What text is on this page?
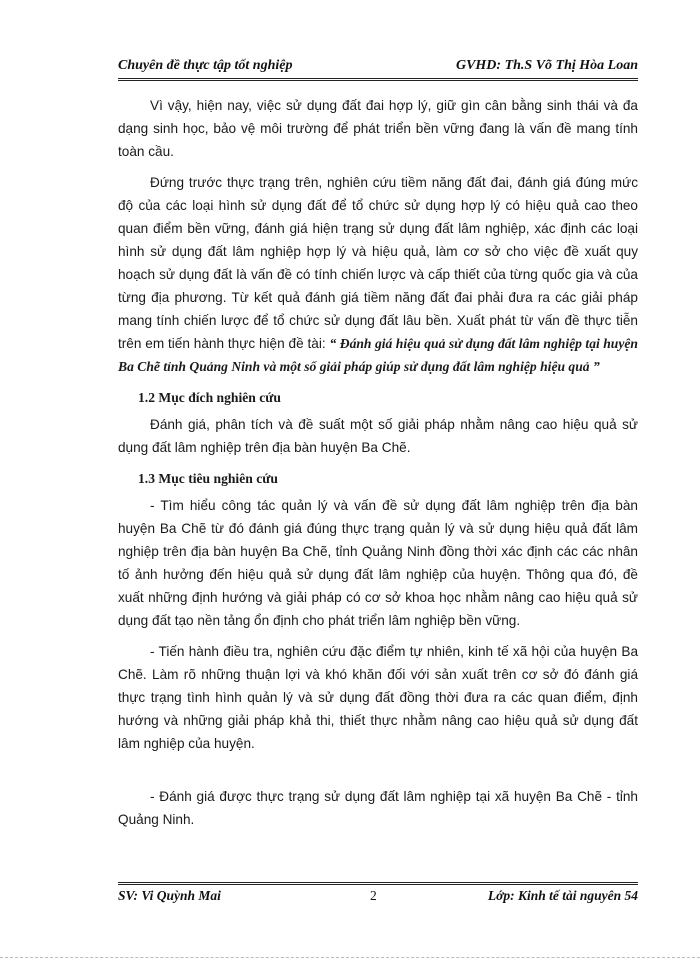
Chuyên đề thực tập tốt nghiệp	GVHD: Th.S Võ Thị Hòa Loan

Vì vậy, hiện nay, việc sử dụng đất đai hợp lý, giữ gìn cân bằng sinh thái và đa dạng sinh học, bảo vệ môi trường để phát triển bền vững đang là vấn đề mang tính toàn cầu.

Đứng trước thực trạng trên, nghiên cứu tiềm năng đất đai, đánh giá đúng mức độ của các loại hình sử dụng đất để tổ chức sử dụng hợp lý có hiệu quả cao theo quan điểm bền vững, đánh giá hiện trạng sử dụng đất lâm nghiệp, xác định các loại hình sử dụng đất lâm nghiệp hợp lý và hiệu quả, làm cơ sở cho việc đề xuất quy hoạch sử dụng đất là vấn đề có tính chiến lược và cấp thiết của từng quốc gia và của từng địa phương. Từ kết quả đánh giá tiềm năng đất đai phải đưa ra các giải pháp mang tính chiến lược để tổ chức sử dụng đất lâu bền. Xuất phát từ vấn đề thực tiễn trên em tiến hành thực hiện đề tài: “ Đánh giá hiệu quả sử dụng đất lâm nghiệp tại huyện Ba Chẽ tỉnh Quảng Ninh và một số giải pháp giúp sử dụng đất lâm nghiệp hiệu quả ”

1.2 Mục đích nghiên cứu

Đánh giá, phân tích và đề suất một số giải pháp nhằm nâng cao hiệu quả sử dụng đất lâm nghiệp trên địa bàn huyện Ba Chẽ.

1.3 Mục tiêu nghiên cứu

- Tìm hiểu công tác quản lý và vấn đề sử dụng đất lâm nghiệp trên địa bàn huyện Ba Chẽ từ đó đánh giá đúng thực trạng quản lý và sử dụng hiệu quả đất lâm nghiệp trên địa bàn huyện Ba Chẽ, tỉnh Quảng Ninh đồng thời xác định các các nhân tố ảnh hưởng đến hiệu quả sử dụng đất lâm nghiệp của huyện. Thông qua đó, đề xuất những định hướng và giải pháp có cơ sở khoa học nhằm nâng cao hiệu quả sử dụng đất tạo nền tảng ổn định cho phát triển lâm nghiệp bền vững.

- Tiến hành điều tra, nghiên cứu đặc điểm tự nhiên, kinh tế xã hội của huyện Ba Chẽ. Làm rõ những thuận lợi và khó khăn đối với sản xuất trên cơ sở đó đánh giá thực trạng tình hình quản lý và sử dụng đất đồng thời đưa ra các quan điểm, định hướng và những giải pháp khả thi, thiết thực nhằm nâng cao hiệu quả sử dụng đất lâm nghiệp của huyện.

- Đánh giá được thực trạng sử dụng đất lâm nghiệp tại xã huyện Ba Chẽ - tỉnh Quảng Ninh.

SV: Vi Quỳnh Mai	2	Lớp: Kinh tế tài nguyên 54
